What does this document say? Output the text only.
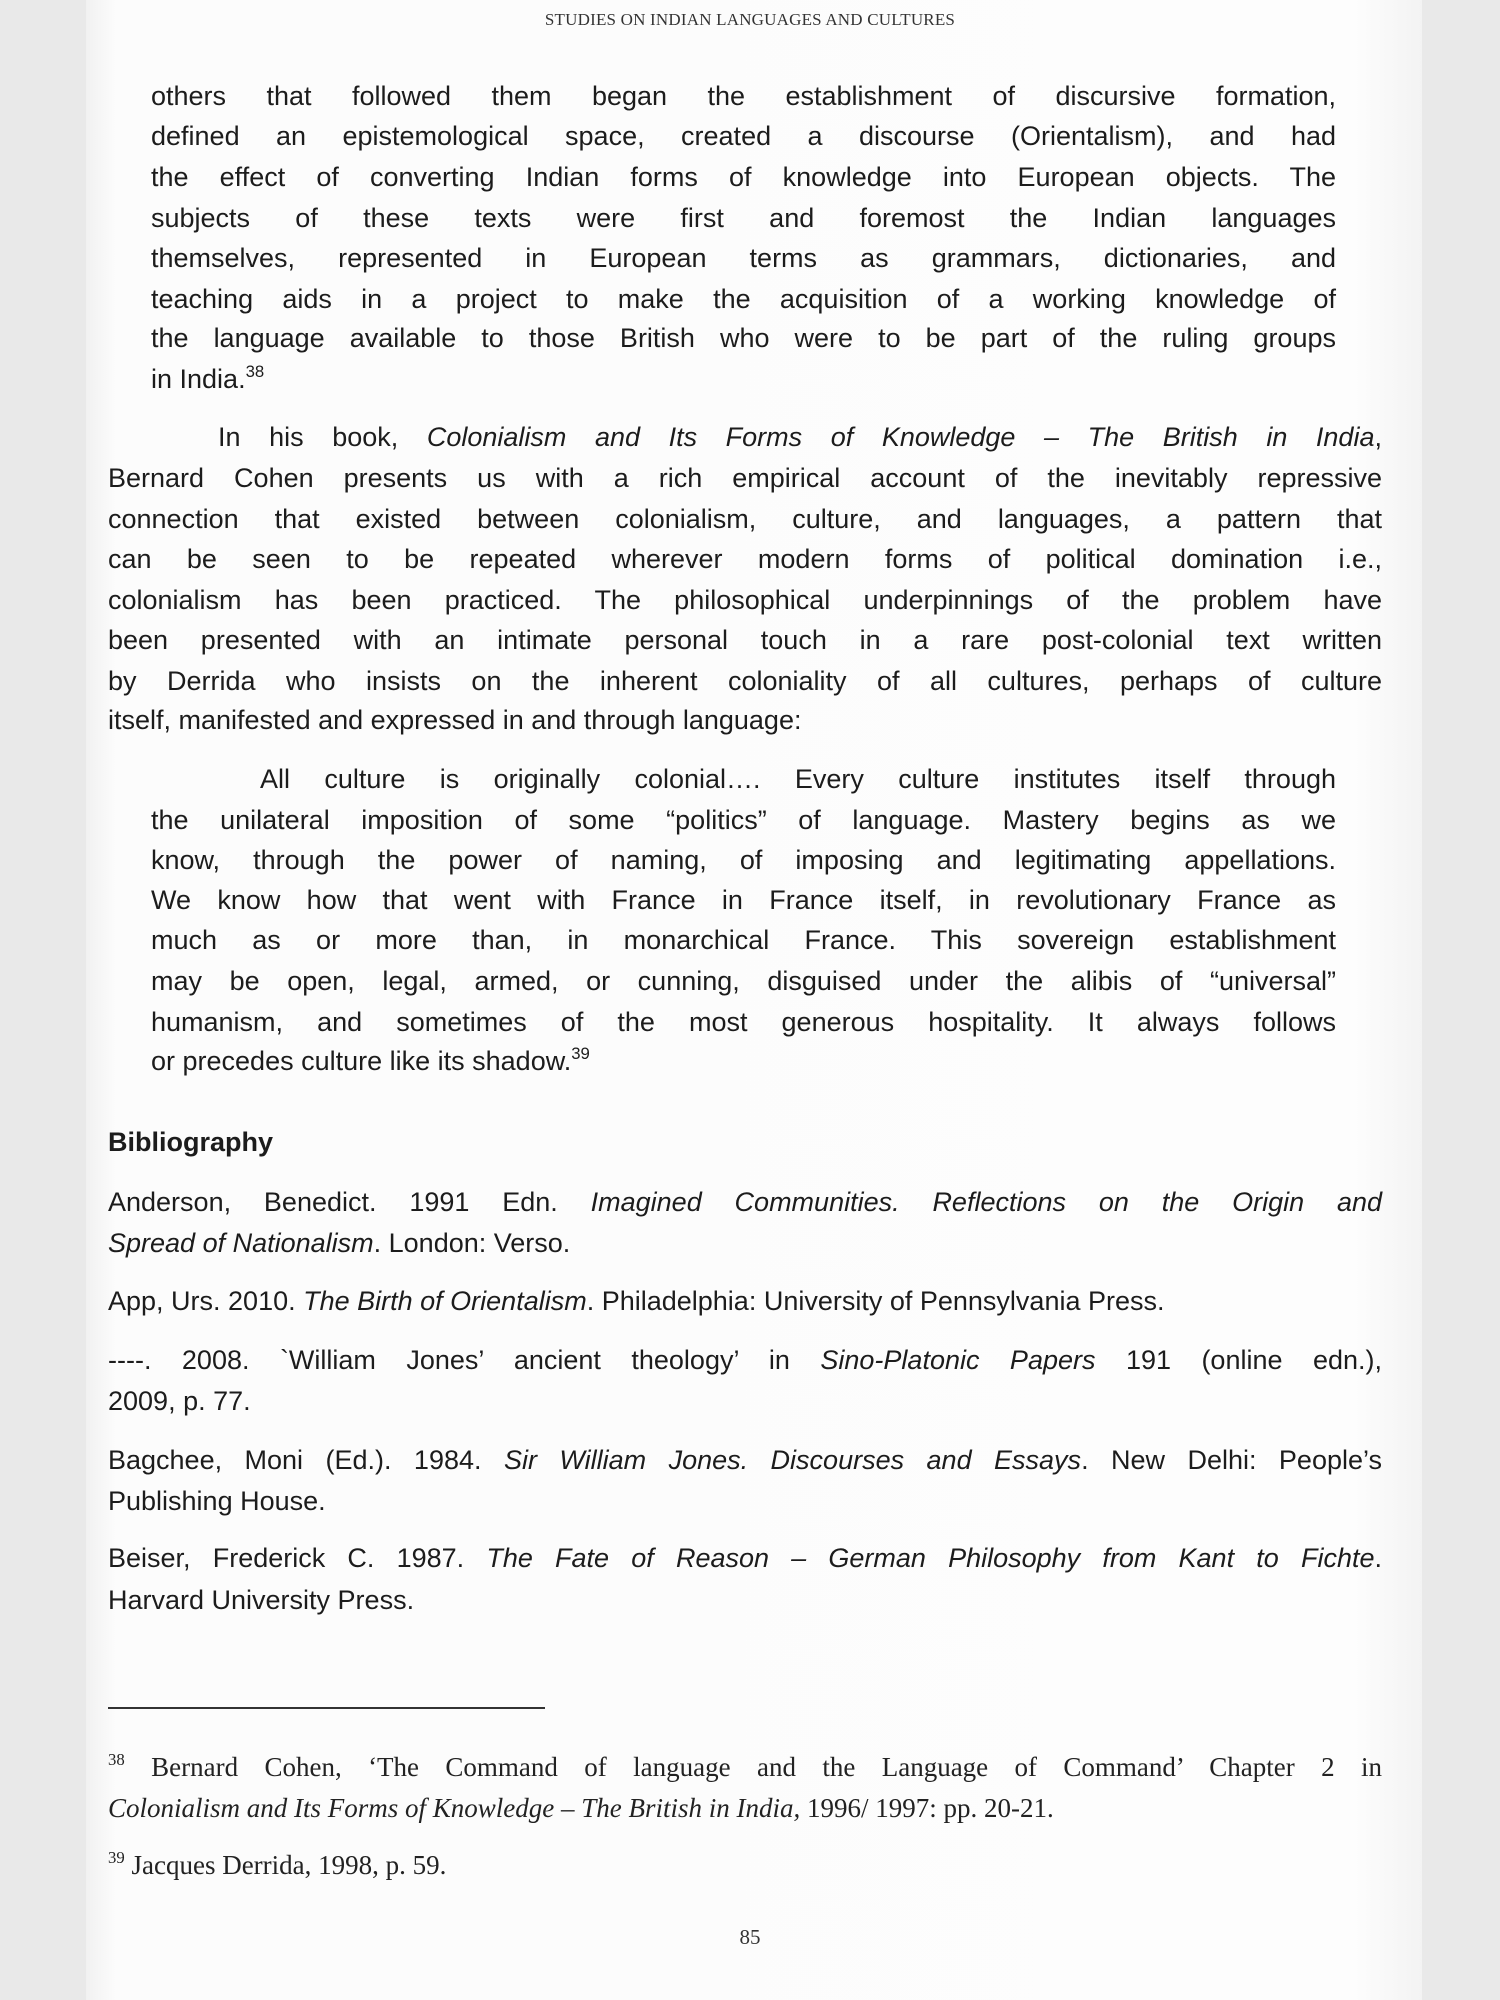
STUDIES ON INDIAN LANGUAGES AND CULTURES
others that followed them began the establishment of discursive formation,
defined an epistemological space, created a discourse (Orientalism), and had
the effect of converting Indian forms of knowledge into European objects. The
subjects of these texts were first and foremost the Indian languages
themselves, represented in European terms as grammars, dictionaries, and
teaching aids in a project to make the acquisition of a working knowledge of
the language available to those British who were to be part of the ruling groups
in India.$^{38}$
In his book, Colonialism and Its Forms of Knowledge – The British in India,
Bernard Cohen presents us with a rich empirical account of the inevitably repressive
connection that existed between colonialism, culture, and languages, a pattern that
can be seen to be repeated wherever modern forms of political domination i.e.,
colonialism has been practiced. The philosophical underpinnings of the problem have
been presented with an intimate personal touch in a rare post-colonial text written
by Derrida who insists on the inherent coloniality of all cultures, perhaps of culture
itself, manifested and expressed in and through language:
All culture is originally colonial…. Every culture institutes itself through
the unilateral imposition of some “politics” of language. Mastery begins as we
know, through the power of naming, of imposing and legitimating appellations.
We know how that went with France in France itself, in revolutionary France as
much as or more than, in monarchical France. This sovereign establishment
may be open, legal, armed, or cunning, disguised under the alibis of “universal”
humanism, and sometimes of the most generous hospitality. It always follows
or precedes culture like its shadow.$^{39}$
Bibliography
Anderson, Benedict. 1991 Edn. Imagined Communities. Reflections on the Origin and
Spread of Nationalism. London: Verso.
App, Urs. 2010. The Birth of Orientalism. Philadelphia: University of Pennsylvania Press.
----. 2008. `William Jones’ ancient theology’ in Sino-Platonic Papers 191 (online edn.),
2009, p. 77.
Bagchee, Moni (Ed.). 1984. Sir William Jones. Discourses and Essays. New Delhi: People’s
Publishing House.
Beiser, Frederick C. 1987. The Fate of Reason – German Philosophy from Kant to Fichte.
Harvard University Press.
$^{38}$ Bernard Cohen, ‘The Command of language and the Language of Command’ Chapter 2 in
Colonialism and Its Forms of Knowledge – The British in India, 1996/ 1997: pp. 20-21.
$^{39}$ Jacques Derrida, 1998, p. 59.
85
